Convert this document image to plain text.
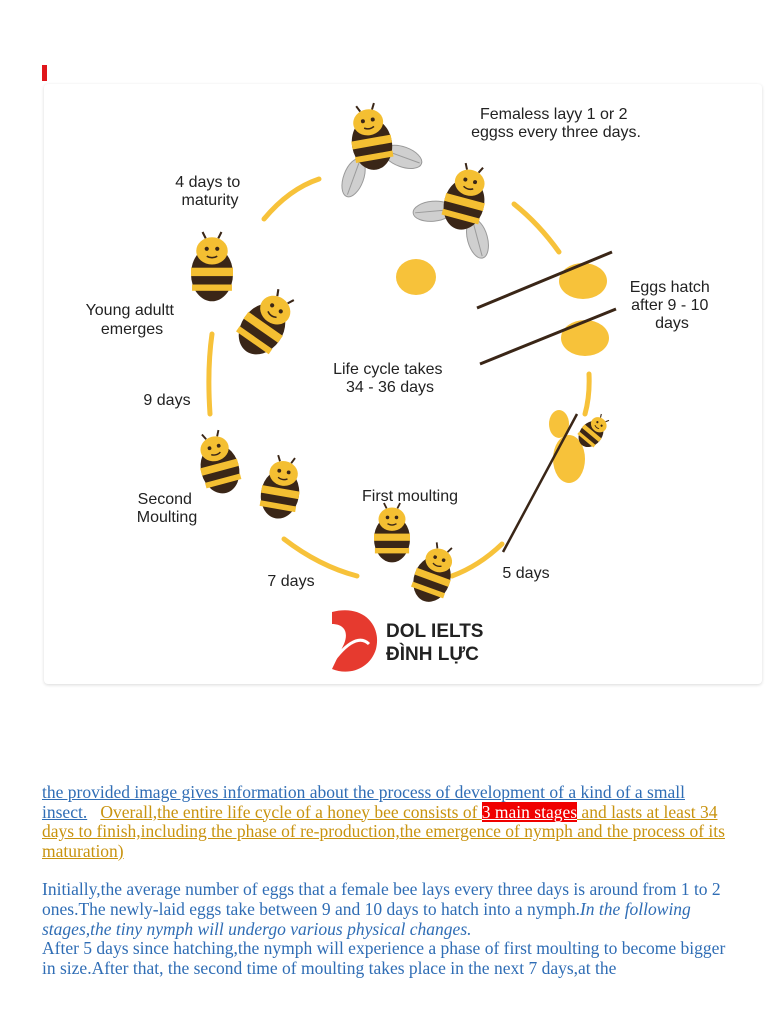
Femaless layy 1 or 2 eggss every three days.
4 days to maturity
Young adultt emerges
Eggs hatch after 9 - 10 days
Life cycle takes 34 - 36 days
9 days
Second Moulting
First moulting
7 days	5 days
DOL IELTS
ĐÌNH LỰC

the provided image gives information about the process of development of a kind of a small insect. Overall,the entire life cycle of a honey bee consists of 3 main stages and lasts at least 34 days to finish,including the phase of re-production,the emergence of nymph and the process of its maturation)

Initially,the average number of eggs that a female bee lays every three days is around from 1 to 2 ones.The newly-laid eggs take between 9 and 10 days to hatch into a nymph.In the following stages,the tiny nymph will undergo various physical changes.

After 5 days since hatching,the nymph will experience a phase of first moulting to become bigger in size.After that, the second time of moulting takes place in the next 7 days,at the
